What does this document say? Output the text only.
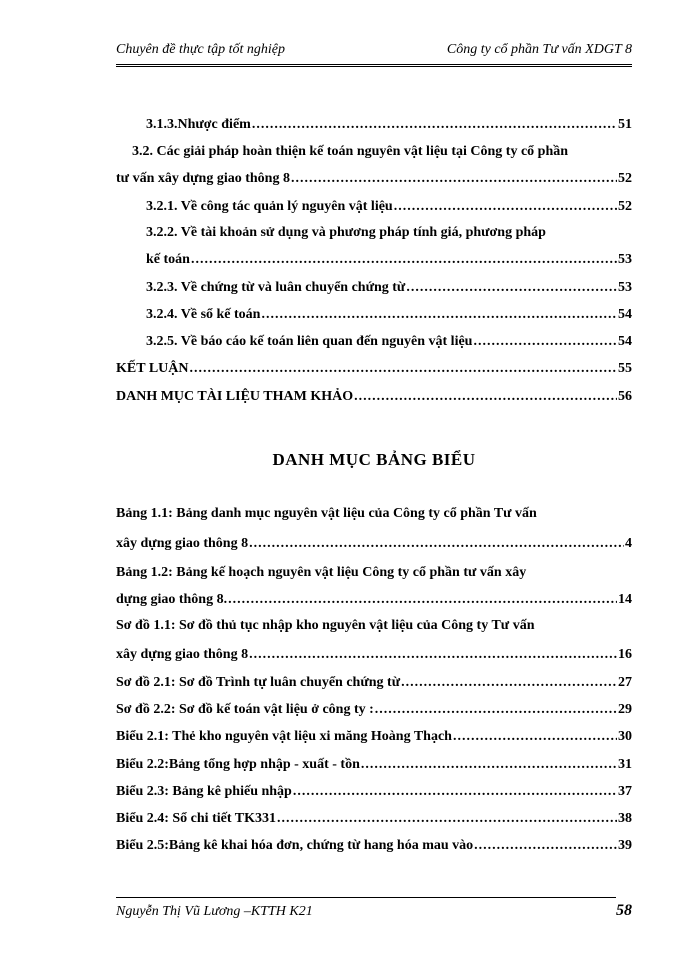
Chuyên đề thực tập tốt nghiệp	Công ty cổ phần Tư vấn XDGT 8
3.1.3.Nhược điểm .....	51
3.2. Các giải pháp hoàn thiện kế toán nguyên vật liệu tại Công ty cổ phần
tư vấn xây dựng giao thông 8 .....	52
3.2.1. Về công tác quản lý nguyên vật liệu .....	52
3.2.2. Về tài khoản sử dụng và phương pháp tính giá, phương pháp
kế toán .....	53
3.2.3. Về chứng từ và luân chuyển chứng từ .....	53
3.2.4. Về sổ kế toán .....	54
3.2.5. Về báo cáo kế toán liên quan đến nguyên vật liệu .....	54
KẾT LUẬN .....	55
DANH MỤC TÀI LIỆU THAM KHẢO .....	56
DANH MỤC BẢNG BIỂU
Bảng 1.1: Bảng danh mục nguyên vật liệu của Công ty cổ phần Tư vấn
xây dựng giao thông 8 .....	4
Bảng 1.2: Bảng kế hoạch nguyên vật liệu Công ty cổ phần tư vấn xây
dựng giao thông 8. .....	14
Sơ đồ 1.1: Sơ đồ thủ tục nhập kho nguyên vật liệu của Công ty Tư vấn
xây dựng giao thông 8 .....	16
Sơ đồ 2.1: Sơ đồ Trình tự luân chuyển chứng từ .....	27
Sơ đồ 2.2: Sơ đồ kế toán vật liệu ở công ty : .....	29
Biểu 2.1: Thẻ kho nguyên vật liệu xi măng Hoàng Thạch .....	30
Biểu 2.2:Bảng tổng hợp nhập - xuất - tồn .....	31
Biểu 2.3: Bảng kê phiếu nhập .....	37
Biểu 2.4: Sổ chi tiết TK331 .....	38
Biểu 2.5:Bảng kê khai hóa đơn, chứng từ hang hóa mau vào .....	39
Nguyễn Thị Vũ Lương –KTTH K21	58
